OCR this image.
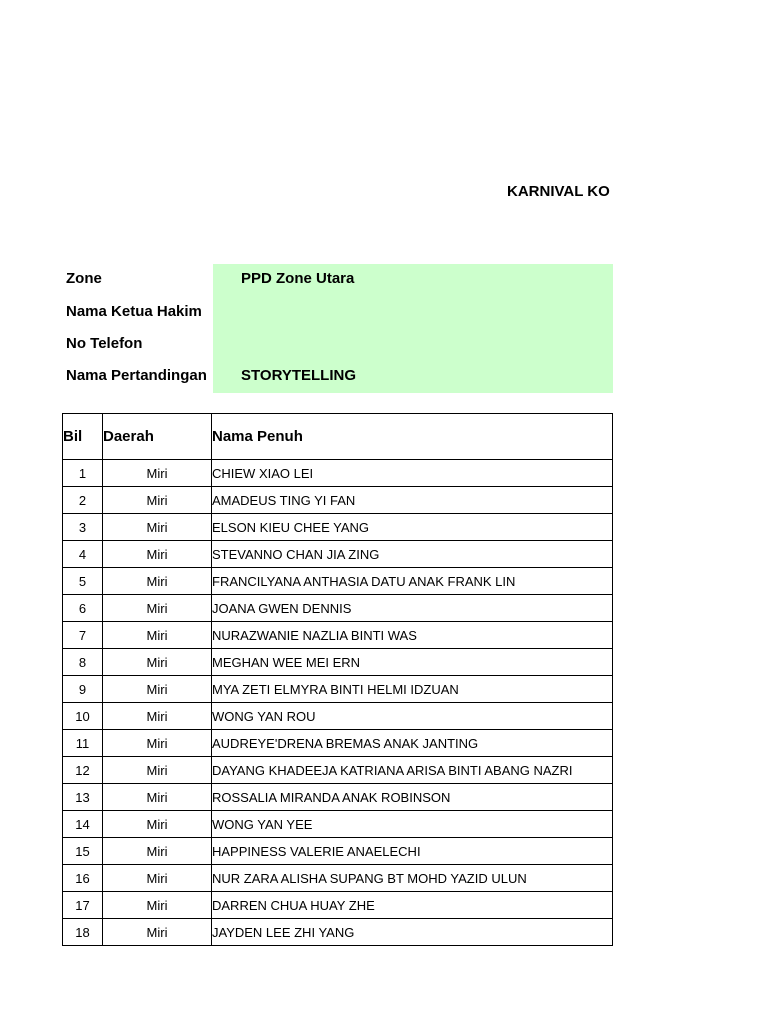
KARNIVAL KO
Zone	PPD Zone Utara
Nama Ketua Hakim
No Telefon
Nama Pertandingan STORYTELLING
Bil	Daerah	Nama Penuh
1	Miri	CHIEW XIAO LEI
2	Miri	AMADEUS TING YI FAN
3	Miri	ELSON KIEU CHEE YANG
4	Miri	STEVANNO CHAN JIA ZING
5	Miri	FRANCILYANA ANTHASIA DATU ANAK FRANK LIN
6	Miri	JOANA GWEN DENNIS
7	Miri	NURAZWANIE NAZLIA BINTI WAS
8	Miri	MEGHAN WEE MEI ERN
9	Miri	MYA ZETI ELMYRA BINTI HELMI IDZUAN
10	Miri	WONG YAN ROU
11	Miri	AUDREYE'DRENA BREMAS ANAK JANTING
12	Miri	DAYANG KHADEEJA KATRIANA ARISA BINTI ABANG NAZRI
13	Miri	ROSSALIA MIRANDA ANAK ROBINSON
14	Miri	WONG YAN YEE
15	Miri	HAPPINESS VALERIE ANAELECHI
16	Miri	NUR ZARA ALISHA SUPANG BT MOHD YAZID ULUN
17	Miri	DARREN CHUA HUAY ZHE
18	Miri	JAYDEN LEE ZHI YANG
